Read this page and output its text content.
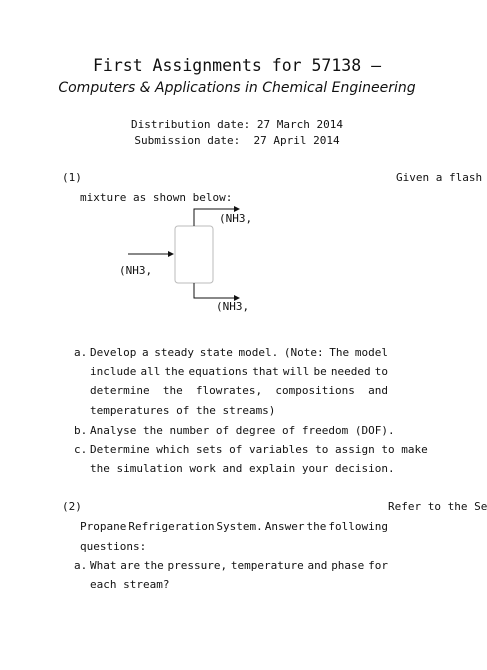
First Assignments for 57138 –
Computers & Applications in Chemical Engineering
Distribution date: 27 March 2014
Submission date:  27 April 2014
(1)	Given a flash
mixture as shown below:
(NH3,
(NH3,
(NH3,
a. Develop a steady state model. (Note: The model
include all the equations that will be needed to
determine the flowrates, compositions and
temperatures of the streams)
b. Analyse the number of degree of freedom (DOF).
c. Determine which sets of variables to assign to make
the simulation work and explain your decision.
(2)	Refer to the Se
Propane Refrigeration System. Answer the following
questions:
a. What are the pressure, temperature and phase for
each stream?
